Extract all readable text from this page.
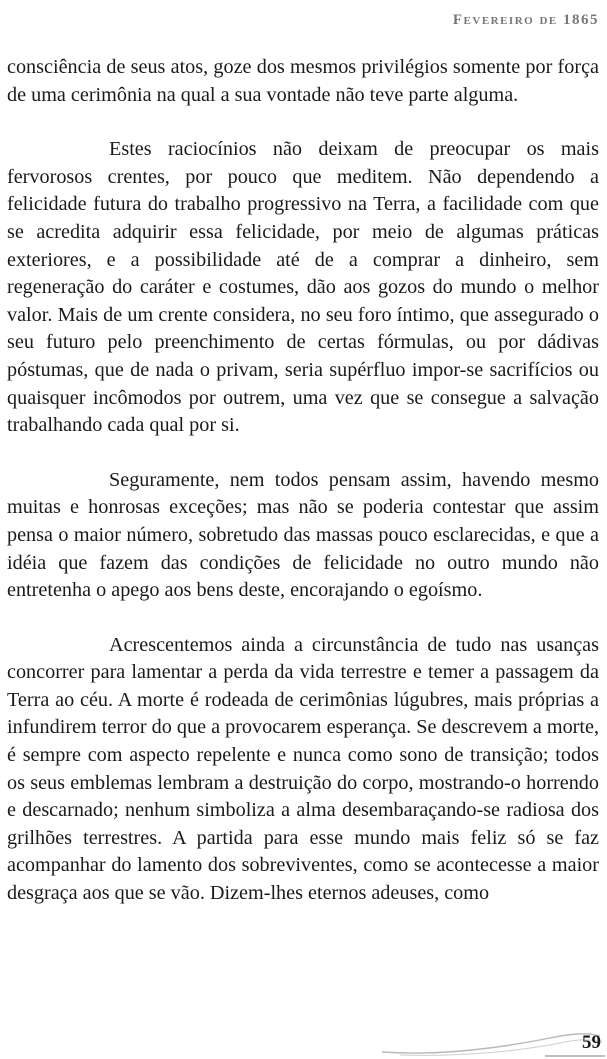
Fevereiro de 1865

consciência de seus atos, goze dos mesmos privilégios somente por força de uma cerimônia na qual a sua vontade não teve parte alguma.

Estes raciocínios não deixam de preocupar os mais fervorosos crentes, por pouco que meditem. Não dependendo a felicidade futura do trabalho progressivo na Terra, a facilidade com que se acredita adquirir essa felicidade, por meio de algumas práticas exteriores, e a possibilidade até de a comprar a dinheiro, sem regeneração do caráter e costumes, dão aos gozos do mundo o melhor valor. Mais de um crente considera, no seu foro íntimo, que assegurado o seu futuro pelo preenchimento de certas fórmulas, ou por dádivas póstumas, que de nada o privam, seria supérfluo impor-se sacrifícios ou quaisquer incômodos por outrem, uma vez que se consegue a salvação trabalhando cada qual por si.

Seguramente, nem todos pensam assim, havendo mesmo muitas e honrosas exceções; mas não se poderia contestar que assim pensa o maior número, sobretudo das massas pouco esclarecidas, e que a idéia que fazem das condições de felicidade no outro mundo não entretenha o apego aos bens deste, encorajando o egoísmo.

Acrescentemos ainda a circunstância de tudo nas usanças concorrer para lamentar a perda da vida terrestre e temer a passagem da Terra ao céu. A morte é rodeada de cerimônias lúgubres, mais próprias a infundirem terror do que a provocarem esperança. Se descrevem a morte, é sempre com aspecto repelente e nunca como sono de transição; todos os seus emblemas lembram a destruição do corpo, mostrando-o horrendo e descarnado; nenhum simboliza a alma desembaraçando-se radiosa dos grilhões terrestres. A partida para esse mundo mais feliz só se faz acompanhar do lamento dos sobreviventes, como se acontecesse a maior desgraça aos que se vão. Dizem-lhes eternos adeuses, como

59
